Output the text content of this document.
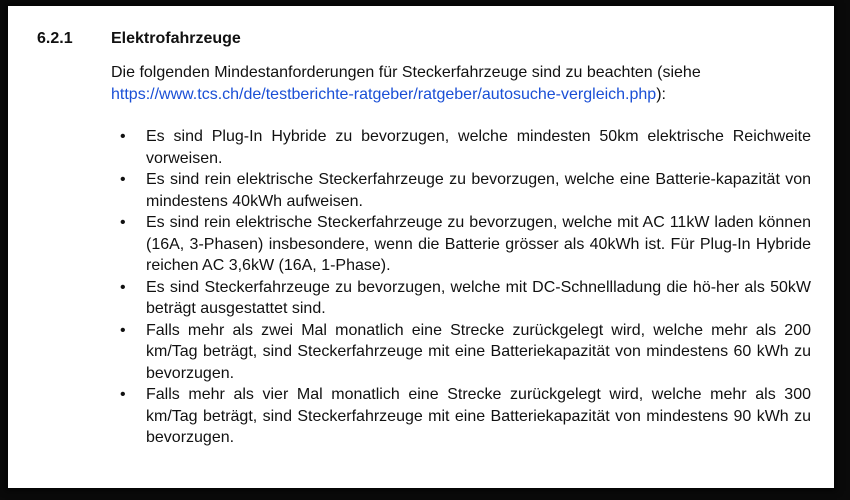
6.2.1 Elektrofahrzeuge
Die folgenden Mindestanforderungen für Steckerfahrzeuge sind zu beachten (siehe
https://www.tcs.ch/de/testberichte-ratgeber/ratgeber/autosuche-vergleich.php):
• Es sind Plug-In Hybride zu bevorzugen, welche mindesten 50km elektrische Reichweite vorweisen.
• Es sind rein elektrische Steckerfahrzeuge zu bevorzugen, welche eine Batterie-kapazität von mindestens 40kWh aufweisen.
• Es sind rein elektrische Steckerfahrzeuge zu bevorzugen, welche mit AC 11kW laden können (16A, 3-Phasen) insbesondere, wenn die Batterie grösser als 40kWh ist. Für Plug-In Hybride reichen AC 3,6kW (16A, 1-Phase).
• Es sind Steckerfahrzeuge zu bevorzugen, welche mit DC-Schnellladung die hö-her als 50kW beträgt ausgestattet sind.
• Falls mehr als zwei Mal monatlich eine Strecke zurückgelegt wird, welche mehr als 200 km/Tag beträgt, sind Steckerfahrzeuge mit eine Batteriekapazität von mindestens 60 kWh zu bevorzugen.
• Falls mehr als vier Mal monatlich eine Strecke zurückgelegt wird, welche mehr als 300 km/Tag beträgt, sind Steckerfahrzeuge mit eine Batteriekapazität von mindestens 90 kWh zu bevorzugen.
